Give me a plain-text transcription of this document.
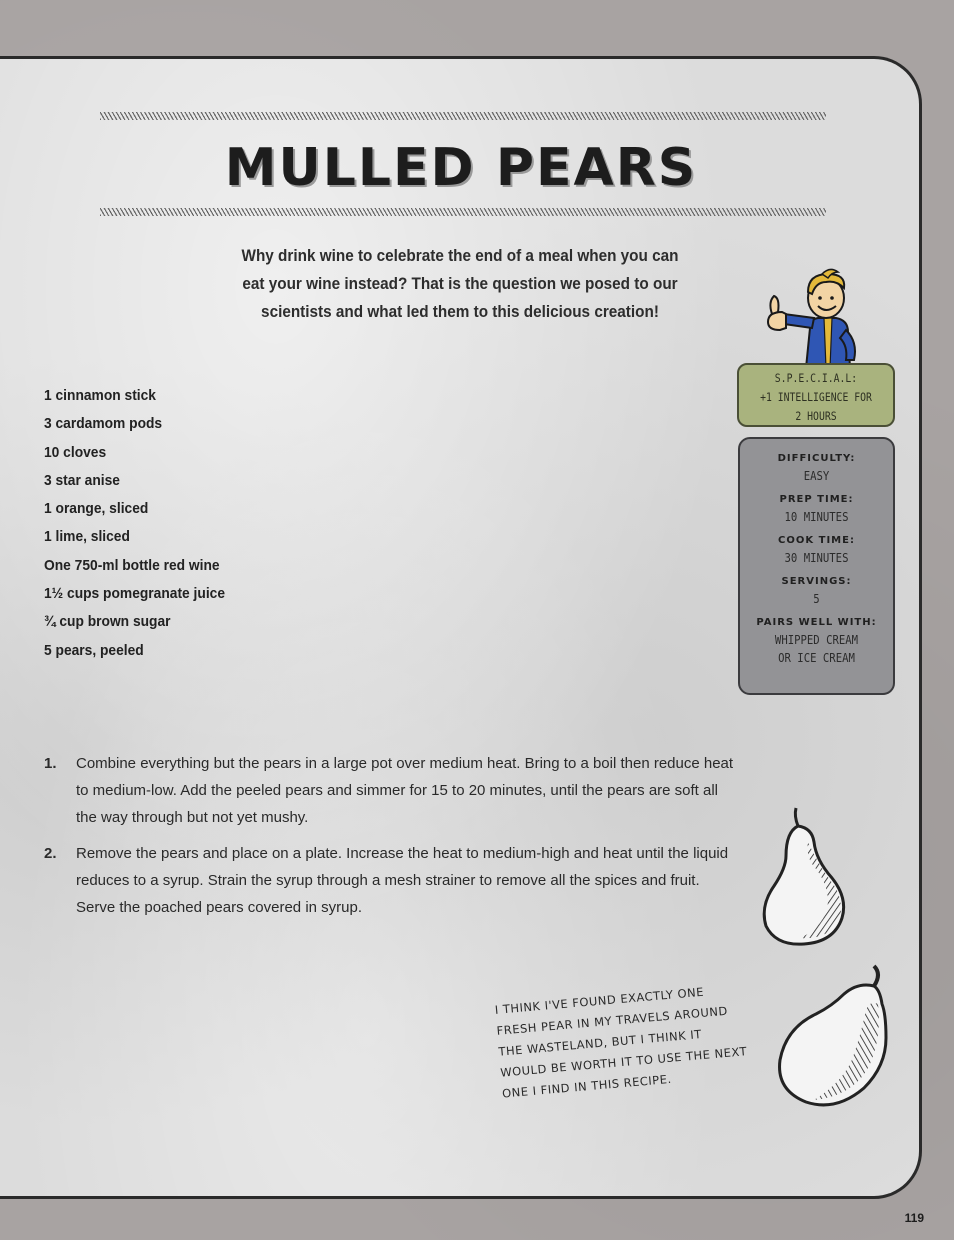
MULLED PEARS

Why drink wine to celebrate the end of a meal when you can eat your wine instead? That is the question we posed to our scientists and what led them to this delicious creation!

1 cinnamon stick
3 cardamom pods
10 cloves
3 star anise
1 orange, sliced
1 lime, sliced
One 750-ml bottle red wine
1½ cups pomegranate juice
¾ cup brown sugar
5 pears, peeled
S.P.E.C.I.A.L:
+1 INTELLIGENCE FOR
2 HOURS
DIFFICULTY:
EASY
PREP TIME:
10 MINUTES
COOK TIME:
30 MINUTES
SERVINGS:
5
PAIRS WELL WITH:
WHIPPED CREAM
OR ICE CREAM
1. Combine everything but the pears in a large pot over medium heat. Bring to a boil then reduce heat to medium-low. Add the peeled pears and simmer for 15 to 20 minutes, until the pears are soft all the way through but not yet mushy.
2. Remove the pears and place on a plate. Increase the heat to medium-high and heat until the liquid reduces to a syrup. Strain the syrup through a mesh strainer to remove all the spices and fruit. Serve the poached pears covered in syrup.

I THINK I'VE FOUND EXACTLY ONE FRESH PEAR IN MY TRAVELS AROUND THE WASTELAND, BUT I THINK IT WOULD BE WORTH IT TO USE THE NEXT ONE I FIND IN THIS RECIPE.

119
